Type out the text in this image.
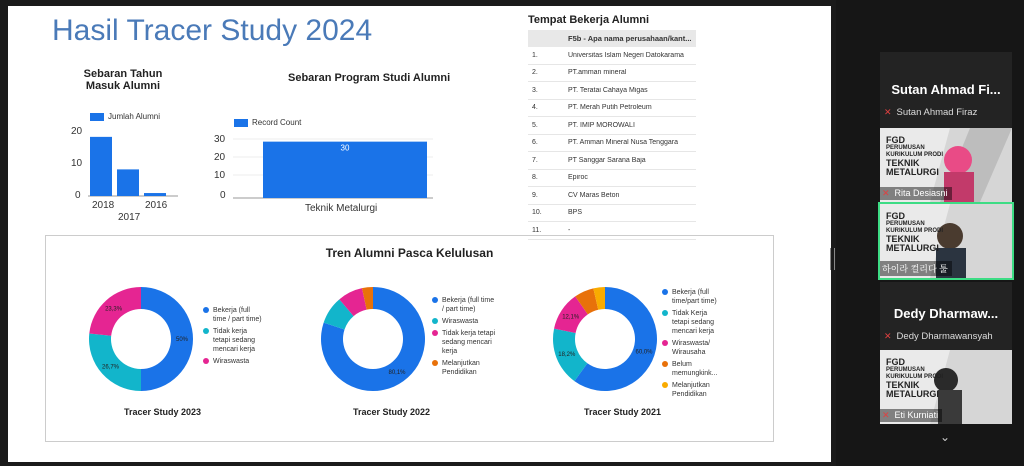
Hasil Tracer Study 2024
Sebaran Tahun
Masuk Alumni
Jumlah Alumni
20
10
0
2018
2017
2016
Sebaran Program Studi Alumni
Record Count
30
20
10
0
30
Teknik Metalurgi
Tempat Bekerja Alumni
F5b - Apa nama perusahaan/kant...
1.	Universitas Islam Negeri Datokarama
2.	PT.amman mineral
3.	PT. Teratai Cahaya Migas
4.	PT. Merah Putih Petroleum
5.	PT. IMIP MOROWALI
6.	PT. Amman Mineral Nusa Tenggara
7.	PT Sanggar Sarana Baja
8.	Epiroc
9.	CV Maras Beton
10.	BPS
11.	-
Tren Alumni Pasca Kelulusan
50%
26,7%
23,3%	Bekerja (full time / part time)
Tidak kerja tetapi sedang mencari kerja
Wiraswasta
Tracer Study 2023
80,1%
Bekerja (full time / part time)
Wiraswasta
Tidak kerja tetapi sedang mencari kerja
Melanjutkan Pendidikan
Tracer Study 2022
60,0%
18,2%
12,1%
Bekerja (full time/part time)
Tidak Kerja tetapi sedang mencari kerja
Wiraswasta/ Wirausaha
Belum memungkink...
Melanjutkan Pendidikan
Tracer Study 2021
Sutan Ahmad Fi...
✕ Sutan Ahmad Firaz
FGD
PERUMUSAN
KURIKULUM PRODI
TEKNIK
METALURGI
✕ Rita Desiasni
FGD
PERUMUSAN
KURIKULUM PRODI
TEKNIK
METALURGI
하이라 컬리다 툴
Dedy Dharmaw...
✕ Dedy Dharmawansyah
FGD
PERUMUSAN
KURIKULUM PRODI
TEKNIK
METALURGI
✕ Eti Kurniati
⌄
